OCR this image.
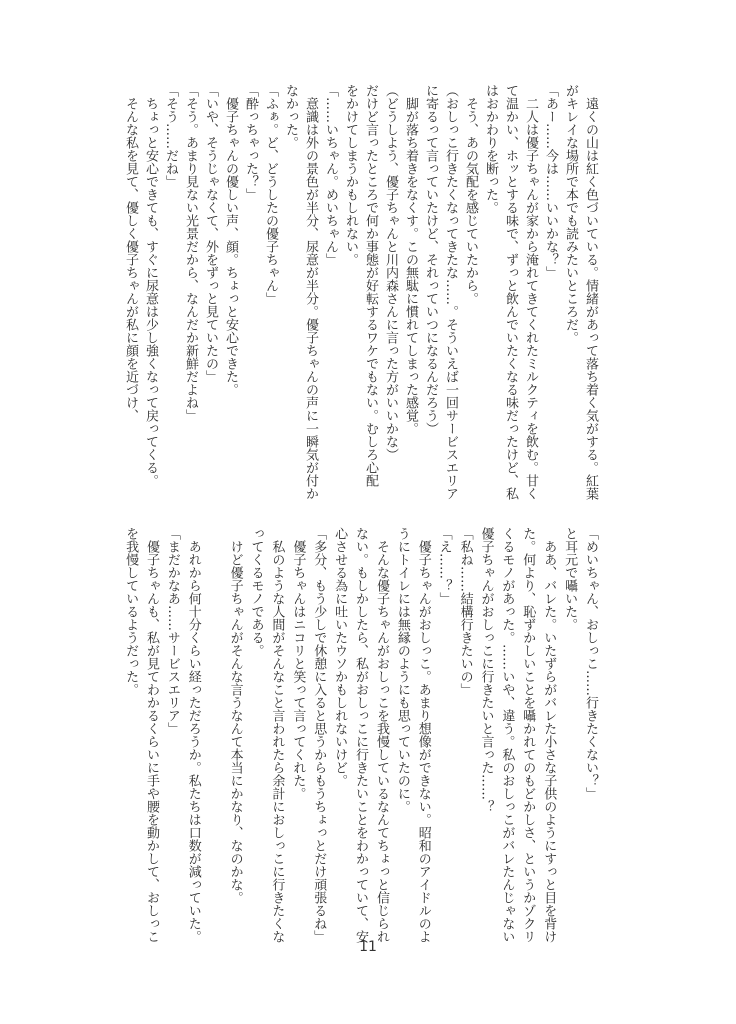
　遠くの山は紅く色づいている。情緒があって落ち着く気がする。紅葉
がキレイな場所で本でも読みたいところだ。
「あー……今は……いいかな？」
　二人は優子ちゃんが家から淹れてきてくれたミルクティを飲む。甘く
て温かい、ホッとする味で、ずっと飲んでいたくなる味だったけど、私
はおかわりを断った。
　そう、あの気配を感じていたから。
（おしっこ行きたくなってきたな……。そういえば一回サービスエリア
に寄るって言っていたけど、それっていつになるんだろう）
　脚が落ち着きをなくす。この無駄に慣れてしまった感覚。
（どうしよう、優子ちゃんと川内森さんに言った方がいいかな）
だけど言ったところで何か事態が好転するワケでもない。むしろ心配
をかけてしまうかもしれない。
「……いちゃん。めいちゃん」
　意識は外の景色が半分、尿意が半分。優子ちゃんの声に一瞬気が付か
なかった。
「ふぁ。ど、どうしたの優子ちゃん」
「酔っちゃった？」
　優子ちゃんの優しい声、顔。ちょっと安心できた。
「いや、そうじゃなくて、外をずっと見ていたの」
「そう。あまり見ない光景だから、なんだか新鮮だよね」
「そう……だね」
　ちょっと安心できても、すぐに尿意は少し強くなって戻ってくる。
　そんな私を見て、優しく優子ちゃんが私に顔を近づけ、
「めいちゃん、おしっこ……行きたくない？」
と耳元で囁いた。
　ああ、バレた。いたずらがバレた小さな子供のようにすっと目を背け
た。何より、恥ずかしいことを囁かれてのもどかしさ、というかゾクリ
くるモノがあった。……いや、違う。私のおしっこがバレたんじゃない
優子ちゃんがおしっこに行きたいと言った……？
「私ね……結構行きたいの」
「え……？」
　優子ちゃんがおしっこ。あまり想像ができない。昭和のアイドルのよ
うにトイレには無縁のようにも思っていたのに。
　そんな優子ちゃんがおしっこを我慢しているなんてちょっと信じられ
ない。もしかしたら、私がおしっこに行きたいことをわかっていて、安
心させる為に吐いたウソかもしれないけど。
「多分、もう少しで休憩に入ると思うからもうちょっとだけ頑張るね」
　優子ちゃんはニコリと笑って言ってくれた。
　私のような人間がそんなこと言われたら余計におしっこに行きたくな
ってくるモノである。
　けど優子ちゃんがそんな言うなんて本当にかなり、なのかな。
　あれから何十分くらい経っただろうか。私たちは口数が減っていた。
「まだかなあ……サービスエリア」
　優子ちゃんも、私が見てわかるくらいに手や腰を動かして、おしっこ
を我慢しているようだった。
11
